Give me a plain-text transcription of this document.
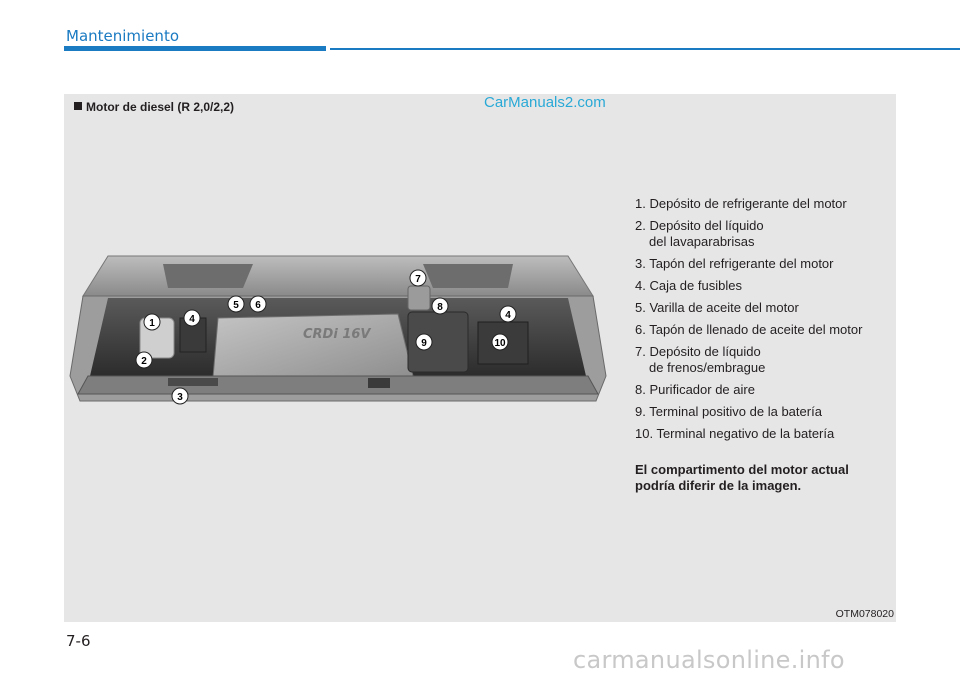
Mantenimiento
Motor de diesel (R 2,0/2,2)	CarManuals2.com
CRDi 16V
1
2
3
4
5 6
7
8
9	10
4
1. Depósito de refrigerante del motor
2. Depósito del líquido
del lavaparabrisas
3. Tapón del refrigerante del motor
4. Caja de fusibles
5. Varilla de aceite del motor
6. Tapón de llenado de aceite del motor
7. Depósito de líquido
de frenos/embrague
8. Purificador de aire
9. Terminal positivo de la batería
10. Terminal negativo de la batería
El compartimento del motor actual
podría diferir de la imagen.
OTM078020
7-6
carmanualsonline.info
